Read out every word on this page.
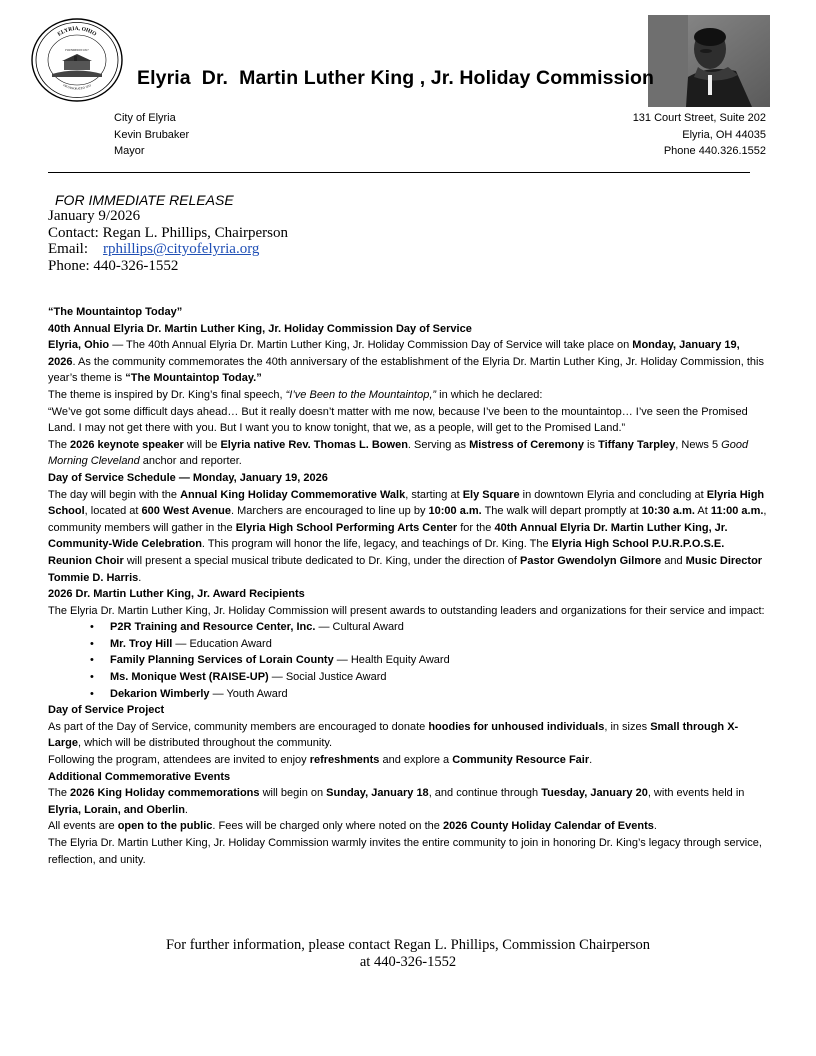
ELYRIA, OHIO
FOUNDED IN 1817
INCORPORATED 1833 Elyria  Dr.  Martin Luther King , Jr. Holiday Commission
City of Elyria
Kevin Brubaker
Mayor
131 Court Street, Suite 202
Elyria, OH 44035
Phone 440.326.1552
FOR IMMEDIATE RELEASE
January 9/2026
Contact: Regan L. Phillips, Chairperson
Email: rphillips@cityofelyria.org
Phone: 440-326-1552

“The Mountaintop Today”

40th Annual Elyria Dr. Martin Luther King, Jr. Holiday Commission Day of Service

Elyria, Ohio — The 40th Annual Elyria Dr. Martin Luther King, Jr. Holiday Commission Day of Service will take place on Monday, January 19, 2026. As the community commemorates the 40th anniversary of the establishment of the Elyria Dr. Martin Luther King, Jr. Holiday Commission, this year’s theme is “The Mountaintop Today.”

The theme is inspired by Dr. King’s final speech, “I’ve Been to the Mountaintop,” in which he declared:

“We’ve got some difficult days ahead… But it really doesn’t matter with me now, because I’ve been to the mountaintop… I’ve seen the Promised Land. I may not get there with you. But I want you to know tonight, that we, as a people, will get to the Promised Land.”

The 2026 keynote speaker will be Elyria native Rev. Thomas L. Bowen. Serving as Mistress of Ceremony is Tiffany Tarpley, News 5 Good Morning Cleveland anchor and reporter.

Day of Service Schedule — Monday, January 19, 2026

The day will begin with the Annual King Holiday Commemorative Walk, starting at Ely Square in downtown Elyria and concluding at Elyria High School, located at 600 West Avenue. Marchers are encouraged to line up by 10:00 a.m. The walk will depart promptly at 10:30 a.m. At 11:00 a.m., community members will gather in the Elyria High School Performing Arts Center for the 40th Annual Elyria Dr. Martin Luther King, Jr. Community-Wide Celebration. This program will honor the life, legacy, and teachings of Dr. King. The Elyria High School P.U.R.P.O.S.E. Reunion Choir will present a special musical tribute dedicated to Dr. King, under the direction of Pastor Gwendolyn Gilmore and Music Director Tommie D. Harris.

2026 Dr. Martin Luther King, Jr. Award Recipients

The Elyria Dr. Martin Luther King, Jr. Holiday Commission will present awards to outstanding leaders and organizations for their service and impact:

• P2R Training and Resource Center, Inc. — Cultural Award
• Mr. Troy Hill — Education Award
• Family Planning Services of Lorain County — Health Equity Award
• Ms. Monique West (RAISE-UP) — Social Justice Award
• Dekarion Wimberly — Youth Award

Day of Service Project

As part of the Day of Service, community members are encouraged to donate hoodies for unhoused individuals, in sizes Small through X-Large, which will be distributed throughout the community.

Following the program, attendees are invited to enjoy refreshments and explore a Community Resource Fair.

Additional Commemorative Events

The 2026 King Holiday commemorations will begin on Sunday, January 18, and continue through Tuesday, January 20, with events held in Elyria, Lorain, and Oberlin.

All events are open to the public. Fees will be charged only where noted on the 2026 County Holiday Calendar of Events.

The Elyria Dr. Martin Luther King, Jr. Holiday Commission warmly invites the entire community to join in honoring Dr. King’s legacy through service, reflection, and unity.

For further information, please contact Regan L. Phillips, Commission Chairperson
at 440-326-1552
